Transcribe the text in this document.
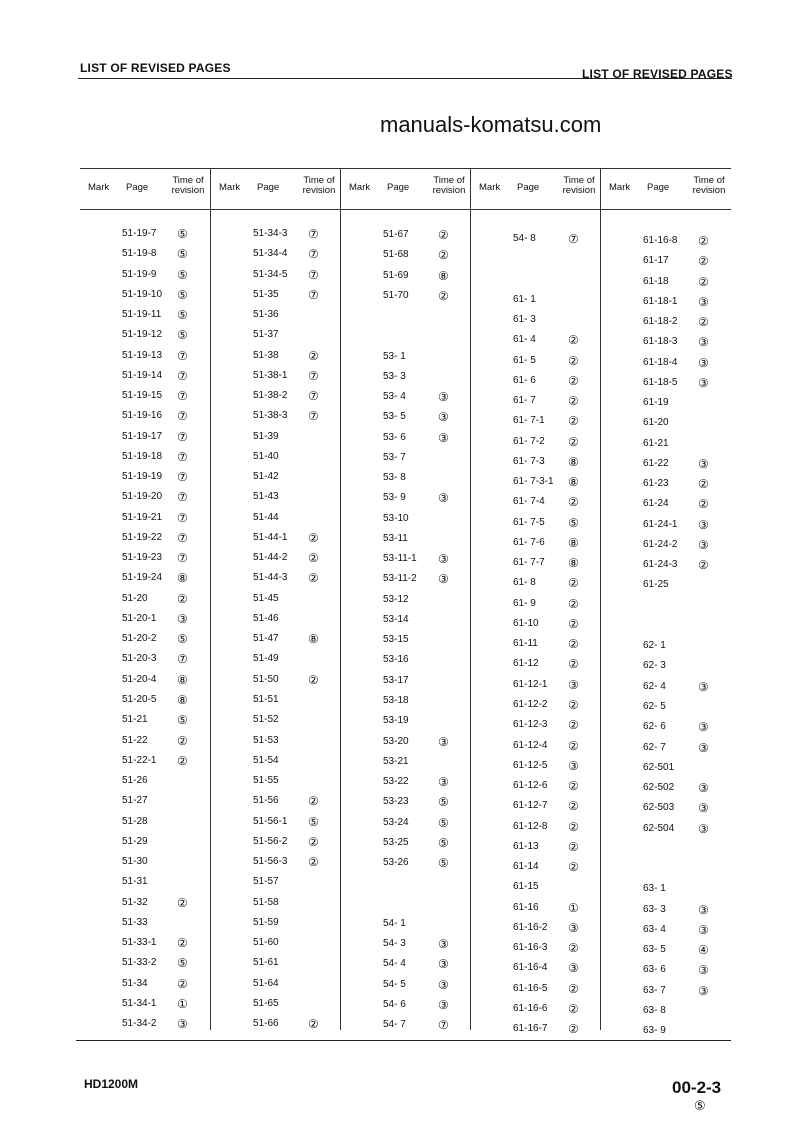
LIST OF REVISED PAGES	LIST OF REVISED PAGES
manuals-komatsu.com
Mark Page
Time of revision
51-19-7 ⑤
51-19-8 ⑤
51-19-9 ⑤
51-19-10 ⑤
51-19-11 ⑤
51-19-12 ⑤
51-19-13 ⑦
51-19-14 ⑦
51-19-15 ⑦
51-19-16 ⑦
51-19-17 ⑦
51-19-18 ⑦
51-19-19 ⑦
51-19-20 ⑦
51-19-21 ⑦
51-19-22 ⑦
51-19-23 ⑦
51-19-24 ⑧
51-20 ②
51-20-1 ③
51-20-2 ⑤
51-20-3 ⑦
51-20-4 ⑧
51-20-5 ⑧
51-21 ⑤
51-22 ②
51-22-1 ②
51-26
51-27
51-28
51-29
51-30
51-31
51-32 ②
51-33
51-33-1 ②
51-33-2 ⑤
51-34 ②
51-34-1 ①
51-34-2 ③
Mark Page
Time of revision
51-34-3 ⑦
51-34-4 ⑦
51-34-5 ⑦
51-35 ⑦
51-36
51-37
51-38 ②
51-38-1 ⑦
51-38-2 ⑦
51-38-3 ⑦
51-39
51-40
51-42
51-43
51-44
51-44-1 ②
51-44-2 ②
51-44-3 ②
51-45
51-46
51-47 ⑧
51-49
51-50 ②
51-51
51-52
51-53
51-54
51-55
51-56 ②
51-56-1 ⑤
51-56-2 ②
51-56-3 ②
51-57
51-58
51-59
51-60
51-61
51-64
51-65
51-66 ②
Mark Page
Time of revision
51-67 ②
51-68 ②
51-69 ⑧
51-70 ②
53- 1
53- 3
53- 4	③
53- 5	③
53- 6	③
53- 7
53- 8
53- 9	③
53-10
53-11
53-11-1 ③
53-11-2 ③
53-12
53-14
53-15
53-16
53-17
53-18
53-19
53-20 ③
53-21
53-22 ③
53-23 ⑤
53-24 ⑤
53-25 ⑤
53-26 ⑤
54- 1
54- 3	③
54- 4	③
54- 5	③
54- 6	③
54- 7	⑦
Mark Page
Time of revision
54- 8	⑦
61- 1
61- 3
61- 4	②
61- 5	②
61- 6	②
61- 7	②
61- 7-1 ②
61- 7-2 ②
61- 7-3 ⑧
61- 7-3-1 ⑧
61- 7-4 ②
61- 7-5 ⑤
61- 7-6 ⑧
61- 7-7 ⑧
61- 8	②
61- 9	②
61-10 ②
61-11	②
61-12 ②
61-12-1 ③
61-12-2 ②
61-12-3 ②
61-12-4 ②
61-12-5 ③
61-12-6 ②
61-12-7 ②
61-12-8 ②
61-13 ②
61-14 ②
61-15
61-16 ①
61-16-2 ③
61-16-3 ②
61-16-4 ③
61-16-5 ②
61-16-6 ②
61-16-7 ②
Mark Page
Time of revision
61-16-8 ②
61-17 ②
61-18 ②
61-18-1 ③
61-18-2 ②
61-18-3 ③
61-18-4 ③
61-18-5 ③
61-19
61-20
61-21
61-22 ③
61-23 ②
61-24 ②
61-24-1 ③
61-24-2 ③
61-24-3 ②
61-25
62- 1
62- 3
62- 4	③
62- 5
62- 6	③
62- 7	③
62-501
62-502 ③
62-503 ③
62-504 ③
63- 1
63- 3	③
63- 4	③
63- 5	④
63- 6	③
63- 7	③
63- 8
63- 9
HD1200M	00-2-3
⑤
